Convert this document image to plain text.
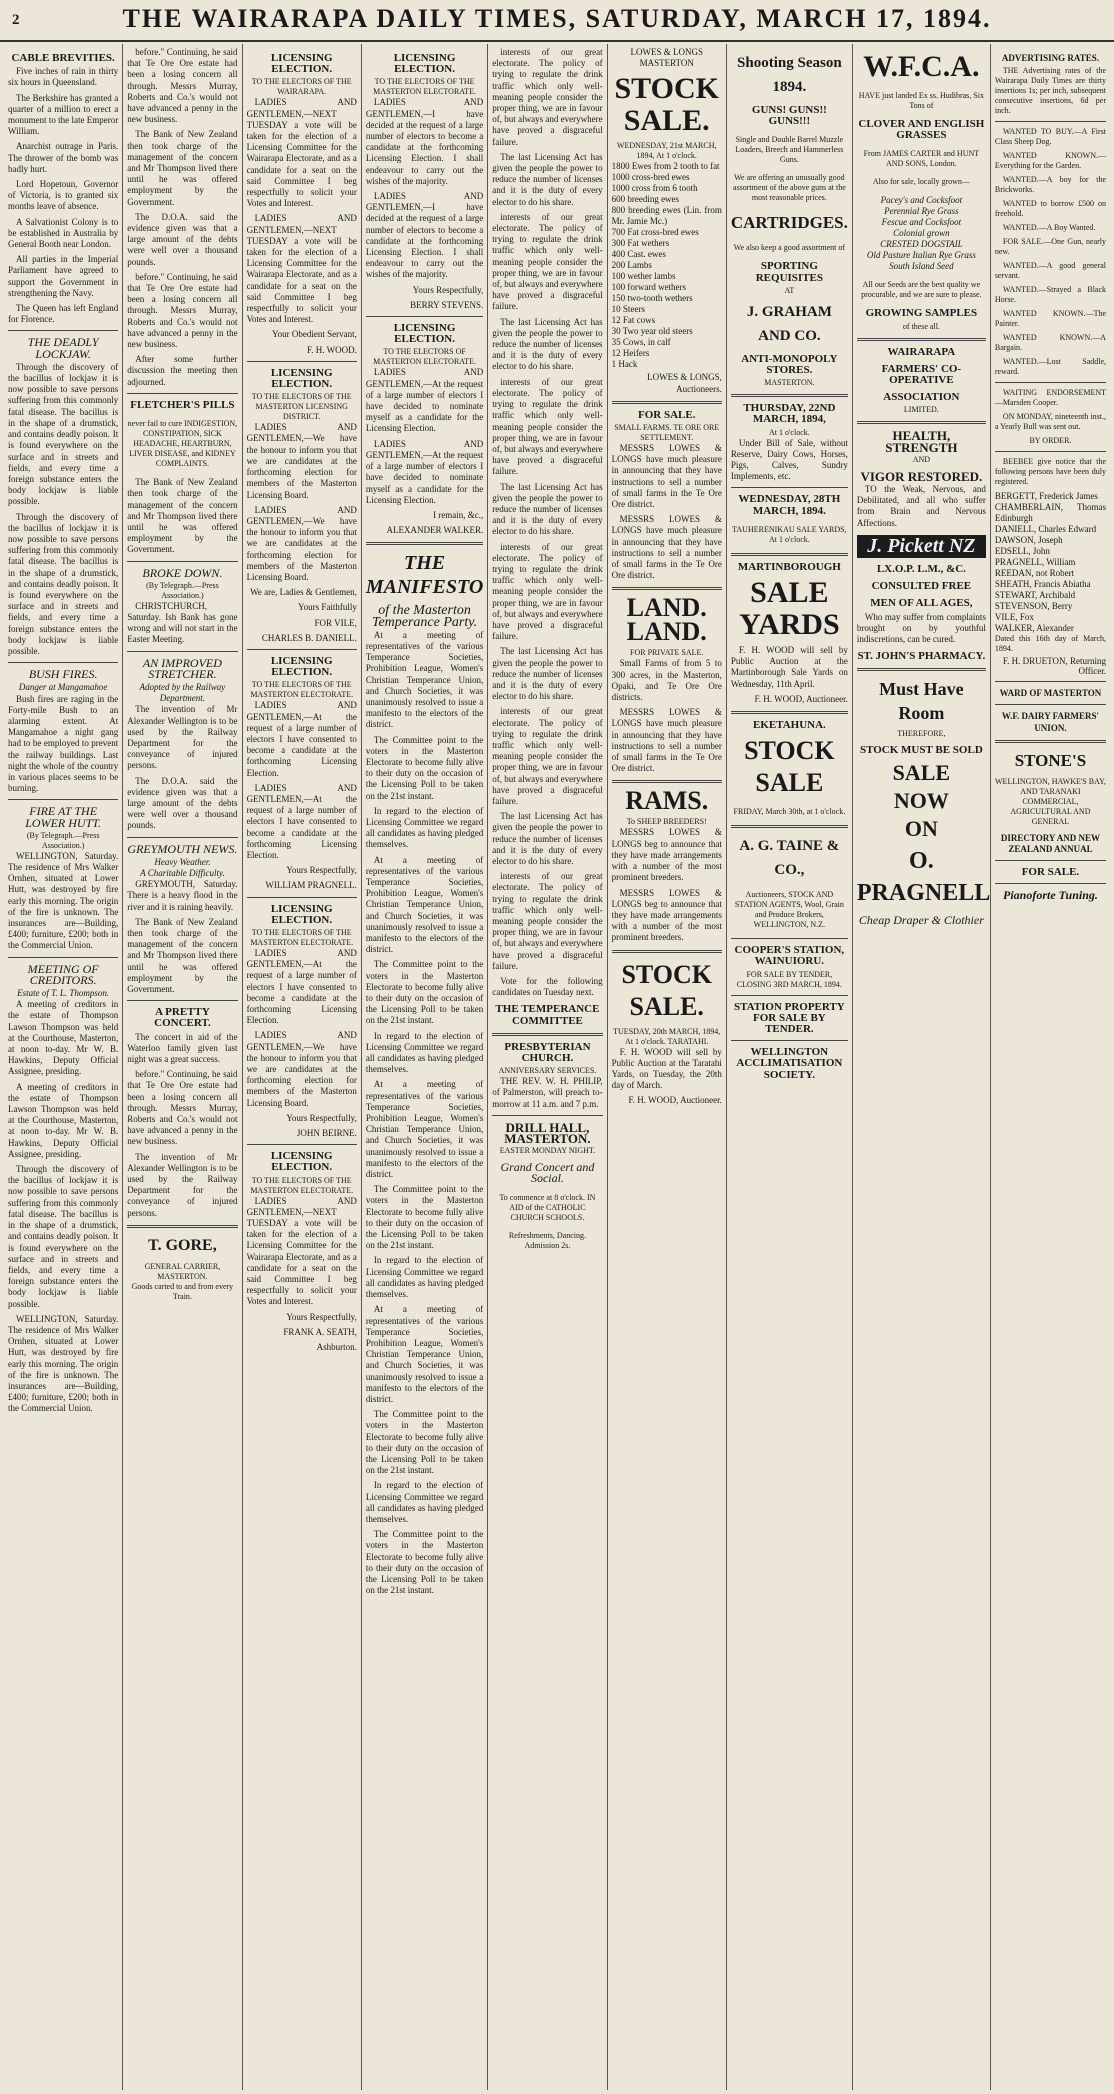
2	THE WAIRARAPA DAILY TIMES, SATURDAY, MARCH 17, 1894.
CABLE BREVITIES.

Five inches of rain in thirty six hours in Queensland.

The Berkshire has granted a quarter of a million to erect a monument to the late Emperor William.

Anarchist outrage in Paris. The thrower of the bomb was badly hurt.

Lord Hopetoun, Governor of Victoria, is to granted six months leave of absence.

A Salvationist Colony is to be established in Australia by General Booth near London.

All parties in the Imperial Parliament have agreed to support the Government in strengthening the Navy.

The Queen has left England for Florence.

THE DEADLY LOCKJAW.

Through the discovery of the bacillus of lockjaw it is now possible to save persons suffering from this commonly fatal disease. The bacillus is in the shape of a drumstick, and contains deadly poison. It is found everywhere on the surface and in streets and fields, and every time a foreign substance enters the body lockjaw is liable possible.

Through the discovery of the bacillus of lockjaw it is now possible to save persons suffering from this commonly fatal disease. The bacillus is in the shape of a drumstick, and contains deadly poison. It is found everywhere on the surface and in streets and fields, and every time a foreign substance enters the body lockjaw is liable possible.

BUSH FIRES.
Danger at Mangamahoe

Bush fires are raging in the Forty-mile Bush to an alarming extent. At Mangamahoe a night gang had to be employed to prevent the railway buildings. Last night the whole of the country in various places seems to be burning.

FIRE AT THE LOWER HUTT.
(By Telegraph.—Press Association.)

WELLINGTON, Saturday. The residence of Mrs Walker Ornhen, situated at Lower Hutt, was destroyed by fire early this morning. The origin of the fire is unknown. The insurances are—Building, £400; furniture, £200; both in the Commercial Union.

MEETING OF CREDITORS.
Estate of T. L. Thompson.

A meeting of creditors in the estate of Thompson Lawson Thompson was held at the Courthouse, Masterton, at noon to-day. Mr W. B. Hawkins, Deputy Official Assignee, presiding.

A meeting of creditors in the estate of Thompson Lawson Thompson was held at the Courthouse, Masterton, at noon to-day. Mr W. B. Hawkins, Deputy Official Assignee, presiding.

Through the discovery of the bacillus of lockjaw it is now possible to save persons suffering from this commonly fatal disease. The bacillus is in the shape of a drumstick, and contains deadly poison. It is found everywhere on the surface and in streets and fields, and every time a foreign substance enters the body lockjaw is liable possible.

WELLINGTON, Saturday. The residence of Mrs Walker Ornhen, situated at Lower Hutt, was destroyed by fire early this morning. The origin of the fire is unknown. The insurances are—Building, £400; furniture, £200; both in the Commercial Union.

before." Continuing, he said that Te Ore Ore estate had been a losing concern all through. Messrs Murray, Roberts and Co.'s would not have advanced a penny in the new business.

The Bank of New Zealand then took charge of the management of the concern and Mr Thompson lived there until he was offered employment by the Government.

The D.O.A. said the evidence given was that a large amount of the debts were well over a thousand pounds.

before." Continuing, he said that Te Ore Ore estate had been a losing concern all through. Messrs Murray, Roberts and Co.'s would not have advanced a penny in the new business.

After some further discussion the meeting then adjourned.

FLETCHER'S PILLS

never fail to cure INDIGESTION, CONSTIPATION, SICK HEADACHE, HEARTBURN, LIVER DISEASE, and KIDNEY COMPLAINTS.

The Bank of New Zealand then took charge of the management of the concern and Mr Thompson lived there until he was offered employment by the Government.

BROKE DOWN.
(By Telegraph.—Press Association.)

CHRISTCHURCH, Saturday. Ish Bank has gone wrong and will not start in the Easter Meeting.

AN IMPROVED STRETCHER.
Adopted by the Railway Department.

The invention of Mr Alexander Wellington is to be used by the Railway Department for the conveyance of injured persons.

The D.O.A. said the evidence given was that a large amount of the debts were well over a thousand pounds.

GREYMOUTH NEWS.
Heavy Weather.
A Charitable Difficulty.

GREYMOUTH, Saturday. There is a heavy flood in the river and it is raining heavily.

The Bank of New Zealand then took charge of the management of the concern and Mr Thompson lived there until he was offered employment by the Government.

A PRETTY CONCERT.

The concert in aid of the Waterloo family given last night was a great success.

before." Continuing, he said that Te Ore Ore estate had been a losing concern all through. Messrs Murray, Roberts and Co.'s would not have advanced a penny in the new business.

The invention of Mr Alexander Wellington is to be used by the Railway Department for the conveyance of injured persons.

T. GORE,
GENERAL CARRIER, MASTERTON.
Goods carted to and from every Train.
LICENSING ELECTION.
TO THE ELECTORS OF THE WAIRARAPA.

LADIES AND GENTLEMEN,—NEXT TUESDAY a vote will be taken for the election of a Licensing Committee for the Wairarapa Electorate, and as a candidate for a seat on the said Committee I beg respectfully to solicit your Votes and Interest.

LADIES AND GENTLEMEN,—NEXT TUESDAY a vote will be taken for the election of a Licensing Committee for the Wairarapa Electorate, and as a candidate for a seat on the said Committee I beg respectfully to solicit your Votes and Interest.

Your Obedient Servant,
F. H. WOOD.
LICENSING ELECTION.
TO THE ELECTORS OF THE MASTERTON LICENSING DISTRICT.

LADIES AND GENTLEMEN,—We have the honour to inform you that we are candidates at the forthcoming election for members of the Masterton Licensing Board.

LADIES AND GENTLEMEN,—We have the honour to inform you that we are candidates at the forthcoming election for members of the Masterton Licensing Board.

We are, Ladies & Gentlemen,
Yours Faithfully
FOR VILE,
CHARLES B. DANIELL.
LICENSING ELECTION.
TO THE ELECTORS OF THE MASTERTON ELECTORATE.

LADIES AND GENTLEMEN,—At the request of a large number of electors I have consented to become a candidate at the forthcoming Licensing Election.

LADIES AND GENTLEMEN,—At the request of a large number of electors I have consented to become a candidate at the forthcoming Licensing Election.

Yours Respectfully,
WILLIAM PRAGNELL.
LICENSING ELECTION.
TO THE ELECTORS OF THE MASTERTON ELECTORATE.

LADIES AND GENTLEMEN,—At the request of a large number of electors I have consented to become a candidate at the forthcoming Licensing Election.

LADIES AND GENTLEMEN,—We have the honour to inform you that we are candidates at the forthcoming election for members of the Masterton Licensing Board.

Yours Respectfully,
JOHN BEIRNE.
LICENSING ELECTION.
TO THE ELECTORS OF THE MASTERTON ELECTORATE.

LADIES AND GENTLEMEN,—NEXT TUESDAY a vote will be taken for the election of a Licensing Committee for the Wairarapa Electorate, and as a candidate for a seat on the said Committee I beg respectfully to solicit your Votes and Interest.

Yours Respectfully,
FRANK A. SEATH,
Ashburton.
LICENSING ELECTION.
TO THE ELECTORS OF THE MASTERTON ELECTORATE.

LADIES AND GENTLEMEN,—I have decided at the request of a large number of electors to become a candidate at the forthcoming Licensing Election. I shall endeavour to carry out the wishes of the majority.

LADIES AND GENTLEMEN,—I have decided at the request of a large number of electors to become a candidate at the forthcoming Licensing Election. I shall endeavour to carry out the wishes of the majority.

Yours Respectfully,
BERRY STEVENS.
LICENSING ELECTION.
TO THE ELECTORS OF MASTERTON ELECTORATE.

LADIES AND GENTLEMEN,—At the request of a large number of electors I have decided to nominate myself as a candidate for the Licensing Election.

LADIES AND GENTLEMEN,—At the request of a large number of electors I have decided to nominate myself as a candidate for the Licensing Election.

I remain, &c.,
ALEXANDER WALKER.
THE MANIFESTO
of the Masterton Temperance Party.

At a meeting of representatives of the various Temperance Societies, Prohibition League, Women's Christian Temperance Union, and Church Societies, it was unanimously resolved to issue a manifesto to the electors of the district.

The Committee point to the voters in the Masterton Electorate to become fully alive to their duty on the occasion of the Licensing Poll to be taken on the 21st instant.

In regard to the election of Licensing Committee we regard all candidates as having pledged themselves.

At a meeting of representatives of the various Temperance Societies, Prohibition League, Women's Christian Temperance Union, and Church Societies, it was unanimously resolved to issue a manifesto to the electors of the district.

The Committee point to the voters in the Masterton Electorate to become fully alive to their duty on the occasion of the Licensing Poll to be taken on the 21st instant.

In regard to the election of Licensing Committee we regard all candidates as having pledged themselves.

At a meeting of representatives of the various Temperance Societies, Prohibition League, Women's Christian Temperance Union, and Church Societies, it was unanimously resolved to issue a manifesto to the electors of the district.

The Committee point to the voters in the Masterton Electorate to become fully alive to their duty on the occasion of the Licensing Poll to be taken on the 21st instant.

In regard to the election of Licensing Committee we regard all candidates as having pledged themselves.

At a meeting of representatives of the various Temperance Societies, Prohibition League, Women's Christian Temperance Union, and Church Societies, it was unanimously resolved to issue a manifesto to the electors of the district.

The Committee point to the voters in the Masterton Electorate to become fully alive to their duty on the occasion of the Licensing Poll to be taken on the 21st instant.

In regard to the election of Licensing Committee we regard all candidates as having pledged themselves.

The Committee point to the voters in the Masterton Electorate to become fully alive to their duty on the occasion of the Licensing Poll to be taken on the 21st instant.

interests of our great electorate. The policy of trying to regulate the drink traffic which only well-meaning people consider the proper thing, we are in favour of, but always and everywhere have proved a disgraceful failure.

The last Licensing Act has given the people the power to reduce the number of licenses and it is the duty of every elector to do his share.

interests of our great electorate. The policy of trying to regulate the drink traffic which only well-meaning people consider the proper thing, we are in favour of, but always and everywhere have proved a disgraceful failure.

The last Licensing Act has given the people the power to reduce the number of licenses and it is the duty of every elector to do his share.

interests of our great electorate. The policy of trying to regulate the drink traffic which only well-meaning people consider the proper thing, we are in favour of, but always and everywhere have proved a disgraceful failure.

The last Licensing Act has given the people the power to reduce the number of licenses and it is the duty of every elector to do his share.

interests of our great electorate. The policy of trying to regulate the drink traffic which only well-meaning people consider the proper thing, we are in favour of, but always and everywhere have proved a disgraceful failure.

The last Licensing Act has given the people the power to reduce the number of licenses and it is the duty of every elector to do his share.

interests of our great electorate. The policy of trying to regulate the drink traffic which only well-meaning people consider the proper thing, we are in favour of, but always and everywhere have proved a disgraceful failure.

The last Licensing Act has given the people the power to reduce the number of licenses and it is the duty of every elector to do his share.

interests of our great electorate. The policy of trying to regulate the drink traffic which only well-meaning people consider the proper thing, we are in favour of, but always and everywhere have proved a disgraceful failure.

Vote for the following candidates on Tuesday next.

THE TEMPERANCE COMMITTEE
PRESBYTERIAN CHURCH.
ANNIVERSARY SERVICES.

THE REV. W. H. PHILIP, of Palmerston, will preach to-morrow at 11 a.m. and 7 p.m.

DRILL HALL, MASTERTON.
EASTER MONDAY NIGHT.
Grand Concert and Social.

To commence at 8 o'clock. IN AID of the CATHOLIC CHURCH SCHOOLS.

Refreshments, Dancing. Admission 2s.

LOWES & LONGS
MASTERTON
STOCK SALE.
WEDNESDAY, 21st MARCH, 1894, At 1 o'clock.
1800 Ewes from 2 tooth to fat
1000 cross-bred ewes
1000 cross from 6 tooth
600 breeding ewes
800 breeding ewes (Lin. from Mr. Jamie Mc.)
700 Fat cross-bred ewes
300 Fat wethers
400 Cast. ewes
200 Lambs
100 wether lambs
100 forward wethers
150 two-tooth wethers
10 Steers
12 Fat cows
30 Two year old steers
35 Cows, in calf
12 Heifers
1 Hack
LOWES & LONGS, Auctioneers.
FOR SALE.
SMALL FARMS. TE ORE ORE SETTLEMENT.

MESSRS LOWES & LONGS have much pleasure in announcing that they have instructions to sell a number of small farms in the Te Ore Ore district.

MESSRS LOWES & LONGS have much pleasure in announcing that they have instructions to sell a number of small farms in the Te Ore Ore district.

LAND. LAND.
FOR PRIVATE SALE.

Small Farms of from 5 to 300 acres, in the Masterton, Opaki, and Te Ore Ore districts.

MESSRS LOWES & LONGS have much pleasure in announcing that they have instructions to sell a number of small farms in the Te Ore Ore district.

RAMS.
To SHEEP BREEDERS!

MESSRS LOWES & LONGS beg to announce that they have made arrangements with a number of the most prominent breeders.

MESSRS LOWES & LONGS beg to announce that they have made arrangements with a number of the most prominent breeders.

STOCK SALE.
TUESDAY, 20th MARCH, 1894, At 1 o'clock. TARATAHI.

F. H. WOOD will sell by Public Auction at the Taratahi Yards, on Tuesday, the 20th day of March.

F. H. WOOD, Auctioneer.
Shooting Season 1894.
GUNS! GUNS!! GUNS!!!

Single and Double Barrel Muzzle Loaders, Breech and Hammerless Guns.

We are offering an unusually good assortment of the above guns at the most reasonable prices.

CARTRIDGES.

We also keep a good assortment of

SPORTING REQUISITES
AT
J. GRAHAM AND CO.
ANTI-MONOPOLY STORES.
MASTERTON.
THURSDAY, 22ND MARCH, 1894,
At 1 o'clock.

Under Bill of Sale, without Reserve, Dairy Cows, Horses, Pigs, Calves, Sundry Implements, etc.

WEDNESDAY, 28TH MARCH, 1894.

TAUHERENIKAU SALE YARDS, At 1 o'clock.

MARTINBOROUGH
SALE YARDS

F. H. WOOD will sell by Public Auction at the Martinborough Sale Yards on Wednesday, 11th April.

F. H. WOOD, Auctioneer.
EKETAHUNA.
STOCK SALE

FRIDAY, March 30th, at 1 o'clock.

A. G. TAINE & CO.,

Auctioneers, STOCK AND STATION AGENTS, Wool, Grain and Produce Brokers, WELLINGTON, N.Z.

COOPER'S STATION, WAINUIORU.
FOR SALE BY TENDER,
CLOSING 3RD MARCH, 1894.
STATION PROPERTY FOR SALE BY TENDER.
WELLINGTON ACCLIMATISATION SOCIETY.
W.F.C.A.

HAVE just landed Ex ss. Hudibras, Six Tons of

CLOVER AND ENGLISH GRASSES

From JAMES CARTER and HUNT AND SONS, London.

Also for sale, locally grown—

Pacey's and Cocksfoot
Perennial Rye Grass
Fescue and Cocksfoot
Colonial grown
CRESTED DOGSTAIL
Old Pasture Italian Rye Grass
South Island Seed

All our Seeds are the best quality we procurable, and we are sure to please.

GROWING SAMPLES
of these all.
WAIRARAPA
FARMERS' CO-OPERATIVE
ASSOCIATION
LIMITED.
HEALTH, STRENGTH
AND
VIGOR RESTORED.

TO the Weak, Nervous, and Debilitated, and all who suffer from Brain and Nervous Affections.

J. Pickett NZ
LX.O.P. L.M., &C.
CONSULTED FREE
MEN OF ALL AGES,

Who may suffer from complaints brought on by youthful indiscretions, can be cured.

ST. JOHN'S PHARMACY.
Must Have Room
THEREFORE,
STOCK MUST BE SOLD
SALE
NOW
ON
O. PRAGNELL
Cheap Draper & Clothier
ADVERTISING RATES.

THE Advertising rates of the Wairarapa Daily Times are thirty insertions 1s; per inch, subsequent consecutive insertions, 6d per inch.

WANTED TO BUY.—A First Class Sheep Dog.

WANTED KNOWN.—Everything for the Garden.

WANTED.—A boy for the Brickworks.

WANTED to borrow £500 on freehold.

WANTED.—A Boy Wanted.

FOR SALE.—One Gun, nearly new.

WANTED.—A good general servant.

WANTED.—Strayed a Black Horse.

WANTED KNOWN.—The Painter.

WANTED KNOWN.—A Bargain.

WANTED.—Lost Saddle, reward.

WAITING ENDORSEMENT—Marsden Cooper.

ON MONDAY, nineteenth inst., a Yearly Bull was sent out.

BY ORDER.

BEEBEE give notice that the following persons have been duly registered.

BERGETT, Frederick James
CHAMBERLAIN, Thomas Edinburgh
DANIELL, Charles Edward
DAWSON, Joseph
EDSELL, John
PRAGNELL, William
REEDAN, not Robert
SHEATH, Francis Abiatha
STEWART, Archibald
STEVENSON, Berry
VILE, Fox
WALKER, Alexander
Dated this 16th day of March, 1894.
F. H. DRUETON, Returning Officer.
WARD OF MASTERTON
W.F. DAIRY FARMERS' UNION.
STONE'S
WELLINGTON, HAWKE'S BAY, AND TARANAKI
COMMERCIAL, AGRICULTURAL AND GENERAL
DIRECTORY AND NEW ZEALAND ANNUAL
FOR SALE.
Pianoforte Tuning.
